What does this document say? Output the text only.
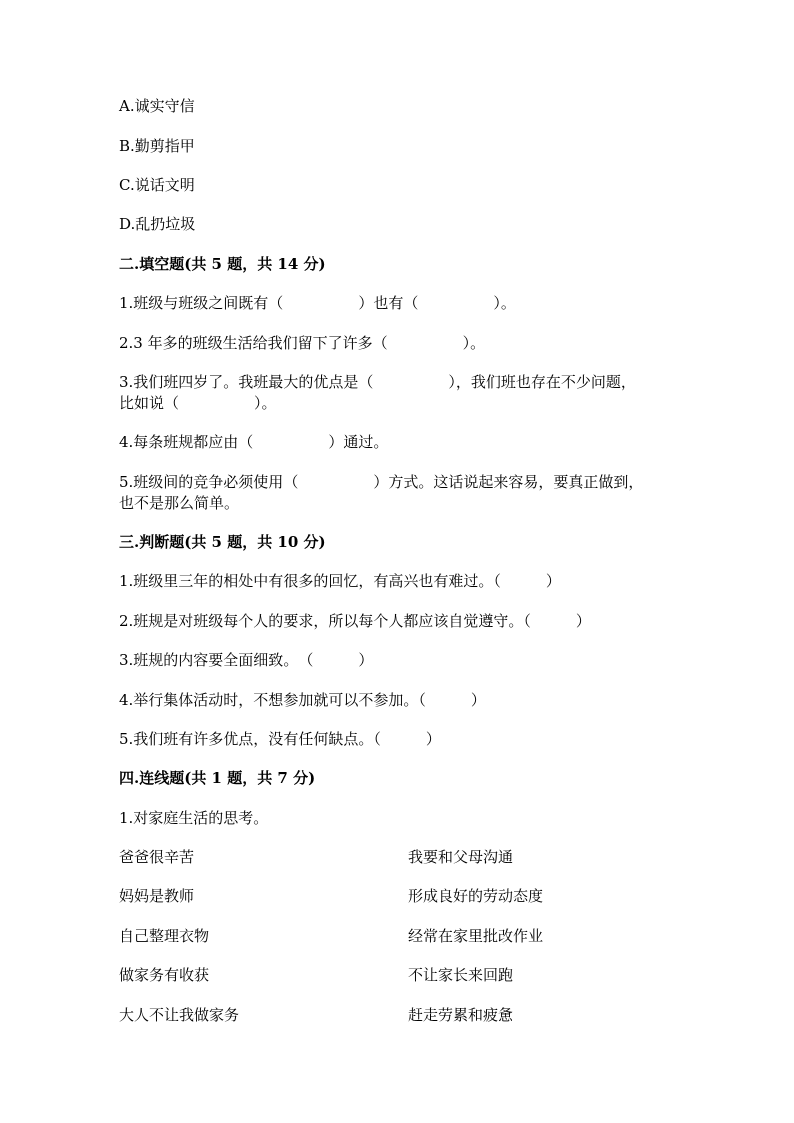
A.诚实守信
B.勤剪指甲
C.说话文明
D.乱扔垃圾
二.填空题(共 5 题，共 14 分)
1.班级与班级之间既有（　　　　　）也有（　　　　　）。
2.3 年多的班级生活给我们留下了许多（　　　　　）。
3.我们班四岁了。我班最大的优点是（　　　　　），我们班也存在不少问题，
比如说（　　　　　）。
4.每条班规都应由（　　　　　）通过。
5.班级间的竞争必须使用（　　　　　）方式。这话说起来容易，要真正做到，
也不是那么简单。
三.判断题(共 5 题，共 10 分)
1.班级里三年的相处中有很多的回忆，有高兴也有难过。（　　　）
2.班规是对班级每个人的要求，所以每个人都应该自觉遵守。（　　　）
3.班规的内容要全面细致。　（　　　）
4.举行集体活动时，不想参加就可以不参加。（　　　）
5.我们班有许多优点，没有任何缺点。（　　　）
四.连线题(共 1 题，共 7 分)
1.对家庭生活的思考。
爸爸很辛苦	我要和父母沟通
妈妈是教师	形成良好的劳动态度
自己整理衣物	经常在家里批改作业
做家务有收获	不让家长来回跑
大人不让我做家务	赶走劳累和疲惫
